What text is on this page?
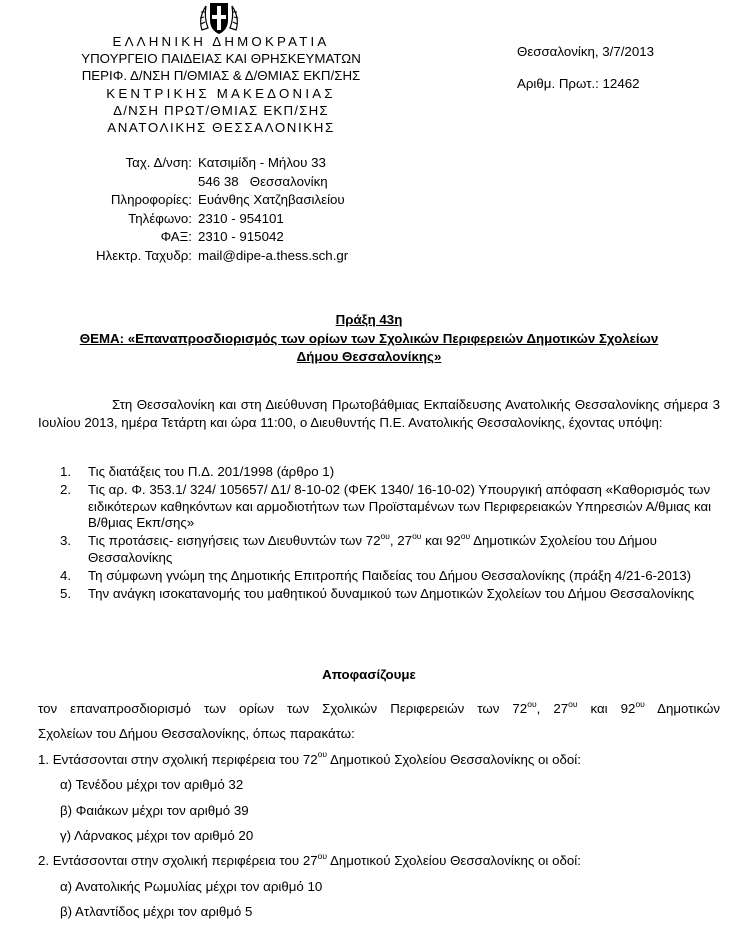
ΕΛΛΗΝΙΚΗ ΔΗΜΟΚΡΑΤΙΑ
ΥΠΟΥΡΓΕΙΟ ΠΑΙΔΕΙΑΣ ΚΑΙ ΘΡΗΣΚΕΥΜΑΤΩΝ
ΠΕΡΙΦ. Δ/ΝΣΗ Π/ΘΜΙΑΣ & Δ/ΘΜΙΑΣ ΕΚΠ/ΣΗΣ
ΚΕΝΤΡΙΚΗΣ ΜΑΚΕΔΟΝΙΑΣ
Δ/ΝΣΗ ΠΡΩΤ/ΘΜΙΑΣ ΕΚΠ/ΣΗΣ
ΑΝΑΤΟΛΙΚΗΣ ΘΕΣΣΑΛΟΝΙΚΗΣ
Θεσσαλονίκη, 3/7/2013
Αριθμ. Πρωτ.: 12462
Ταχ. Δ/νση: Κατσιμίδη - Μήλου 33
546 38   Θεσσαλονίκη
Πληροφορίες: Ευάνθης Χατζηβασιλείου
Τηλέφωνο: 2310 - 954101
ΦΑΞ: 2310 - 915042
Ηλεκτρ. Ταχυδρ: mail@dipe-a.thess.sch.gr
Πράξη 43η
ΘΕΜΑ: «Επαναπροσδιορισμός των ορίων των Σχολικών Περιφερειών Δημοτικών Σχολείων
Δήμου Θεσσαλονίκης»

Στη Θεσσαλονίκη και στη Διεύθυνση Πρωτοβάθμιας Εκπαίδευσης Ανατολικής Θεσσαλονίκης σήμερα 3 Ιουλίου 2013, ημέρα Τετάρτη και ώρα 11:00, ο Διευθυντής Π.Ε. Ανατολικής Θεσσαλονίκης, έχοντας υπόψη:

1.	Τις διατάξεις του Π.Δ. 201/1998 (άρθρο 1)
2.	Τις αρ. Φ. 353.1/ 324/ 105657/ Δ1/ 8-10-02 (ΦΕΚ 1340/ 16-10-02) Υπουργική απόφαση «Καθορισμός των ειδικότερων καθηκόντων και αρμοδιοτήτων των Προϊσταμένων των Περιφερειακών Υπηρεσιών Α/θμιας και Β/θμιας Εκπ/σης»
3.	Τις προτάσεις- εισηγήσεις των Διευθυντών των $72^{o\upsilon}$, $27^{o\upsilon}$ και $92^{o\upsilon}$ Δημοτικών Σχολείου του Δήμου Θεσσαλονίκης
4.	Τη σύμφωνη γνώμη της Δημοτικής Επιτροπής Παιδείας του Δήμου Θεσσαλονίκης (πράξη 4/21-6-2013)
5.	Την ανάγκη ισοκατανομής του μαθητικού δυναμικού των Δημοτικών Σχολείων του Δήμου Θεσσαλονίκης
Αποφασίζουμε
τον επαναπροσδιορισμό των ορίων των Σχολικών Περιφερειών των $72^{o\upsilon}$, $27^{o\upsilon}$ και $92^{o\upsilon}$ Δημοτικών
Σχολείων του Δήμου Θεσσαλονίκης, όπως παρακάτω:
1. Εντάσσονται στην σχολική περιφέρεια του $72^{o\upsilon}$ Δημοτικού Σχολείου Θεσσαλονίκης οι οδοί:
α) Τενέδου μέχρι τον αριθμό 32
β) Φαιάκων μέχρι τον αριθμό 39
γ) Λάρνακος μέχρι τον αριθμό 20
2. Εντάσσονται στην σχολική περιφέρεια του $27^{o\upsilon}$ Δημοτικού Σχολείου Θεσσαλονίκης οι οδοί:
α) Ανατολικής Ρωμυλίας μέχρι τον αριθμό 10
β) Ατλαντίδος μέχρι τον αριθμό 5
